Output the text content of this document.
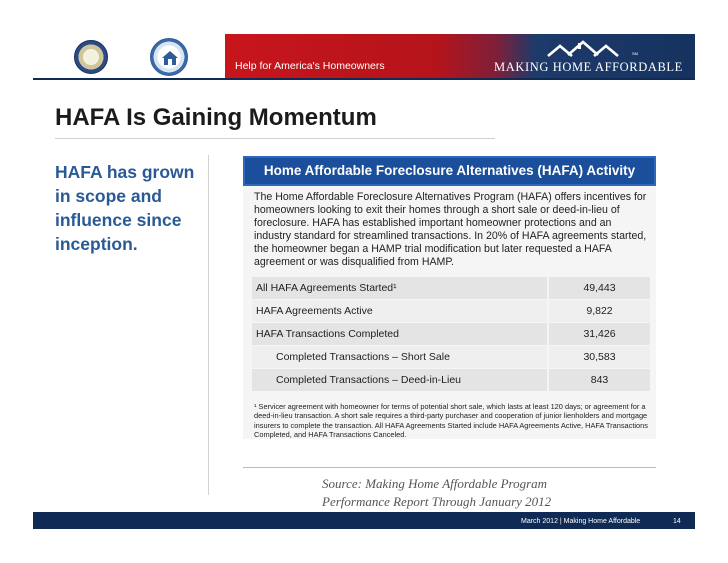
Help for America's Homeowners
SM
MAKING HOME AFFORDABLE
HAFA Is Gaining Momentum
HAFA has grown in scope and influence since inception.
Home Affordable Foreclosure Alternatives (HAFA) Activity
The Home Affordable Foreclosure Alternatives Program (HAFA) offers incentives for homeowners looking to exit their homes through a short sale or deed-in-lieu of foreclosure. HAFA has established important homeowner protections and an industry standard for streamlined transactions. In 20% of HAFA agreements started, the homeowner began a HAMP trial modification but later requested a HAFA agreement or was disqualified from HAMP.
All HAFA Agreements Started¹	49,443
HAFA Agreements Active	9,822
HAFA Transactions Completed	31,426
Completed Transactions – Short Sale	30,583
Completed Transactions – Deed-in-Lieu	843
¹ Servicer agreement with homeowner for terms of potential short sale, which lasts at least 120 days; or agreement for a deed-in-lieu transaction. A short sale requires a third-party purchaser and cooperation of junior lienholders and mortgage insurers to complete the transaction. All HAFA Agreements Started include HAFA Agreements Active, HAFA Transactions Completed, and HAFA Transactions Canceled.
Source: Making Home Affordable Program
Performance Report Through January 2012
March 2012 | Making Home Affordable	14
